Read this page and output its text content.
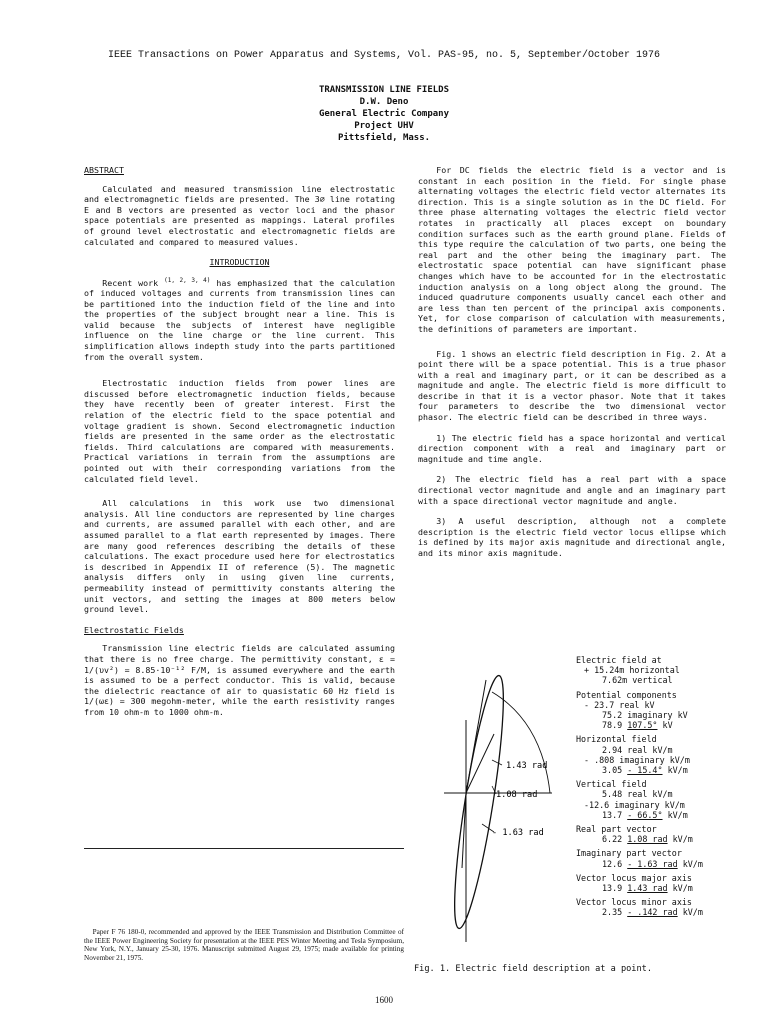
IEEE Transactions on Power Apparatus and Systems, Vol. PAS-95, no. 5, September/October 1976
TRANSMISSION LINE FIELDS
D.W. Deno
General Electric Company
Project UHV
Pittsfield, Mass.
ABSTRACT

Calculated and measured transmission line electrostatic and electromagnetic fields are presented. The 3∅ line rotating E and B vectors are presented as vector loci and the phasor space potentials are presented as mappings. Lateral profiles of ground level electrostatic and electromagnetic fields are calculated and compared to measured values.

INTRODUCTION

Recent work $^{(1, 2, 3, 4)}$ has emphasized that the calculation of induced voltages and currents from transmission lines can be partitioned into the induction field of the line and into the properties of the subject brought near a line. This is valid because the subjects of interest have negligible influence on the line charge or the line current. This simplification allows indepth study into the parts partitioned from the overall system.

Electrostatic induction fields from power lines are discussed before electromagnetic induction fields, because they have recently been of greater interest. First the relation of the electric field to the space potential and voltage gradient is shown. Second electromagnetic induction fields are presented in the same order as the electrostatic fields. Third calculations are compared with measurements. Practical variations in terrain from the assumptions are pointed out with their corresponding variations from the calculated field level.

All calculations in this work use two dimensional analysis. All line conductors are represented by line charges and currents, are assumed parallel with each other, and are assumed parallel to a flat earth represented by images. There are many good references describing the details of these calculations. The exact procedure used here for electrostatics is described in Appendix II of reference (5). The magnetic analysis differs only in using given line currents, permeability instead of permittivity constants altering the unit vectors, and setting the images at 800 meters below ground level.

Electrostatic Fields

Transmission line electric fields are calculated assuming that there is no free charge. The permittivity constant, ε = 1/(υv²) = 8.85·10⁻¹² F/M, is assumed everywhere and the earth is assumed to be a perfect conductor. This is valid, because the dielectric reactance of air to quasistatic 60 Hz field is 1/(ωε) = 300 megohm-meter, while the earth resistivity ranges from 10 ohm-m to 1000 ohm-m.

Paper F 76 180-0, recommended and approved by the IEEE Transmission and Distribution Committee of the IEEE Power Engineering Society for presentation at the IEEE PES Winter Meeting and Tesla Symposium, New York, N.Y., January 25-30, 1976. Manuscript submitted August 29, 1975; made available for printing November 21, 1975.

For DC fields the electric field is a vector and is constant in each position in the field. For single phase alternating voltages the electric field vector alternates its direction. This is a single solution as in the DC field. For three phase alternating voltages the electric field vector rotates in practically all places except on boundary condition surfaces such as the earth ground plane. Fields of this type require the calculation of two parts, one being the real part and the other being the imaginary part. The electrostatic space potential can have significant phase changes which have to be accounted for in the electrostatic induction analysis on a long object along the ground. The induced quadruture components usually cancel each other and are less than ten percent of the principal axis components. Yet, for close comparison of calculation with measurements, the definitions of parameters are important.

Fig. 1 shows an electric field description in Fig. 2. At a point there will be a space potential. This is a true phasor with a real and imaginary part, or it can be described as a magnitude and angle. The electric field is more difficult to describe in that it is a vector phasor. Note that it takes four parameters to describe the two dimensional vector phasor. The electric field can be described in three ways.

1) The electric field has a space horizontal and vertical direction component with a real and imaginary part or magnitude and time angle.

2) The electric field has a real part with a space directional vector magnitude and angle and an imaginary part with a space directional vector magnitude and angle.

3) A useful description, although not a complete description is the electric field vector locus ellipse which is defined by its major axis magnitude and directional angle, and its minor axis magnitude.

1.43 rad
1.08 rad
- 1.63 rad
Electric field at
+ 15.24m horizontal
7.62m vertical
Potential components
- 23.7 real kV
75.2 imaginary kV
78.9 107.5° kV
Horizontal field
2.94 real kV/m
- .808 imaginary kV/m
3.05 - 15.4° kV/m
Vertical field
5.48 real kV/m
-12.6 imaginary kV/m
13.7 - 66.5° kV/m
Real part vector
6.22 1.08 rad kV/m
Imaginary part vector
12.6 - 1.63 rad kV/m
Vector locus major axis
13.9 1.43 rad kV/m
Vector locus minor axis
2.35 - .142 rad kV/m
Fig. 1. Electric field description at a point.
1600
